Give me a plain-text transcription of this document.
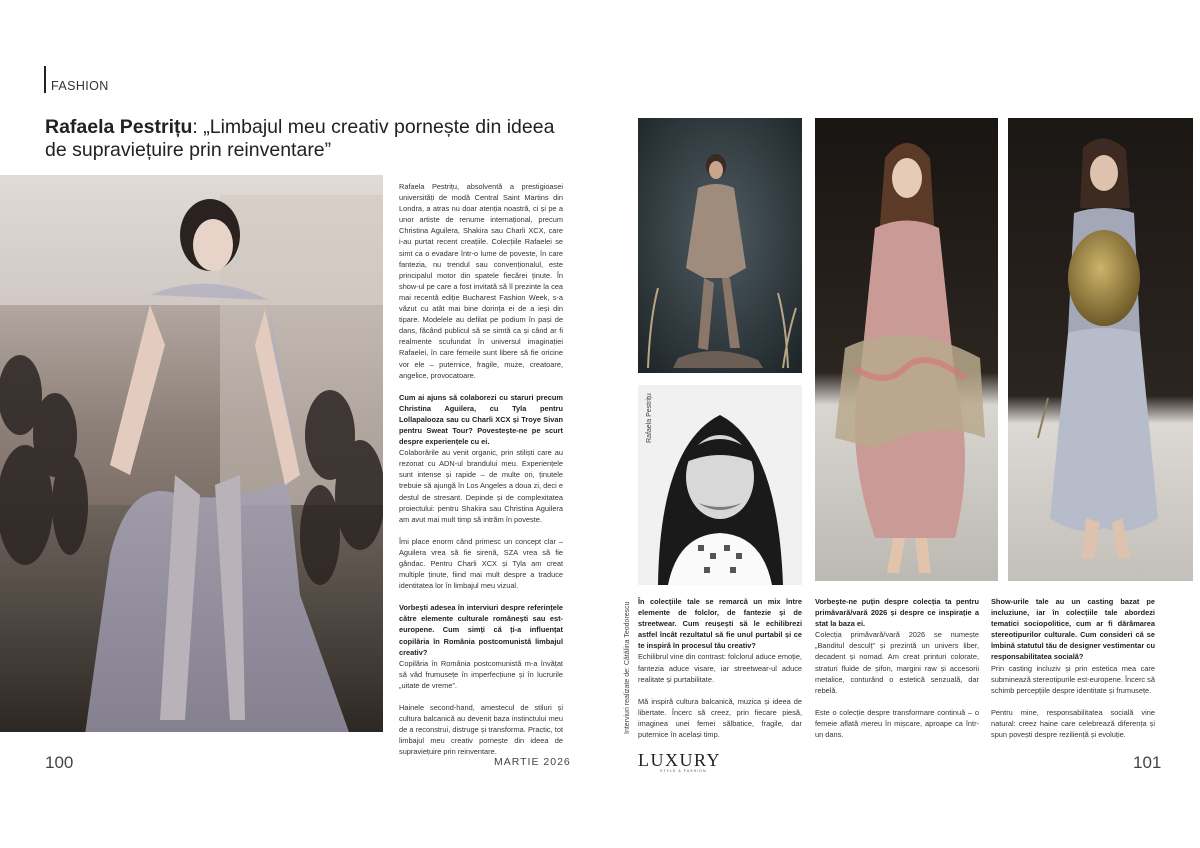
FASHION
Rafaela Pestrițu: „Limbajul meu creativ pornește din ideea de supraviețuire prin reinventare”

Rafaela Pestrițu, absolventă a prestigioasei universități de modă Central Saint Martins din Londra, a atras nu doar atenția noastră, ci și pe a unor artiste de renume internațional, precum Christina Aguilera, Shakira sau Charli XCX, care i-au purtat recent creațiile. Colecțiile Rafaelei se simt ca o evadare într-o lume de poveste, în care fantezia, nu trendul sau convenționalul, este principalul motor din spatele fiecărei ținute. În show-ul pe care a fost invitată să îl prezinte la cea mai recentă ediție Bucharest Fashion Week, s-a văzut cu atât mai bine dorința ei de a ieși din tipare. Modelele au defilat pe podium în pași de dans, făcând publicul să se simtă ca și când ar fi realmente scufundat în universul imaginației Rafaelei, în care femeile sunt libere să fie oricine vor ele – puternice, fragile, muze, creatoare, angelice, provocatoare.

Cum ai ajuns să colaborezi cu staruri precum Christina Aguilera, cu Tyla pentru Lollapalooza sau cu Charli XCX și Troye Sivan pentru Sweat Tour? Povestește-ne pe scurt despre experiențele cu ei.
Colaborările au venit organic, prin stiliști care au rezonat cu ADN-ul brandului meu. Experiențele sunt intense și rapide – de multe ori, ținutele trebuie să ajungă în Los Angeles a doua zi, deci e destul de stresant. Depinde și de complexitatea proiectului: pentru Shakira sau Christina Aguilera am avut mai mult timp să intrăm în poveste.

Îmi place enorm când primesc un concept clar – Aguilera vrea să fie sirenă, SZA vrea să fie gândac. Pentru Charli XCX și Tyla am creat multiple ținute, fiind mai mult despre a traduce identitatea lor în limbajul meu vizual.

Vorbești adesea în interviuri despre referințele către elemente culturale românești sau est-europene. Cum simți că ți-a influențat copilăria în România postcomunistă limbajul creativ?
Copilăria în România postcomunistă m-a învățat să văd frumusețe în imperfecțiune și în lucrurile „uitate de vreme”.

Hainele second-hand, amestecul de stiluri și cultura balcanică au devenit baza instinctului meu de a reconstrui, distruge și transforma. Practic, tot limbajul meu creativ pornește din ideea de supraviețuire prin reinventare.

100	MARTIE 2026
Rafaela Pestrițu
Interviuri realizate de: Cătălina Teodorescu În colecțiile tale se remarcă un mix între elemente de folclor, de fantezie și de streetwear. Cum reușești să le echilibrezi astfel încât rezultatul să fie unul purtabil și ce te inspiră în procesul tău creativ?
Echilibrul vine din contrast: folclorul aduce emoție, fantezia aduce visare, iar streetwear-ul aduce realitate și purtabilitate.

Mă inspiră cultura balcanică, muzica și ideea de libertate. Încerc să creez, prin fiecare piesă, imaginea unei femei sălbatice, fragile, dar puternice în același timp.

Vorbește-ne puțin despre colecția ta pentru primăvară/vară 2026 și despre ce inspirație a stat la baza ei.
Colecția primăvară/vară 2026 se numește „Banditul desculț” și prezintă un univers liber, decadent și nomad. Am creat printuri colorate, straturi fluide de șifon, margini raw și accesorii metalice, conturând o estetică senzuală, dar rebelă.

Este o colecție despre transformare continuă – o femeie aflată mereu în mișcare, aproape ca într-un dans.

Show-urile tale au un casting bazat pe incluziune, iar în colecțiile tale abordezi tematici sociopolitice, cum ar fi dărâmarea stereotipurilor culturale. Cum consideri că se îmbină statutul tău de designer vestimentar cu responsabilitatea socială?
Prin casting incluziv și prin estetica mea care subminează stereotipurile est-europene. Încerc să schimb percepțiile despre identitate și frumusețe.

Pentru mine, responsabilitatea socială vine natural: creez haine care celebrează diferența și spun povești despre reziliență și evoluție.

LUXURY
STYLE & FASHION	101
